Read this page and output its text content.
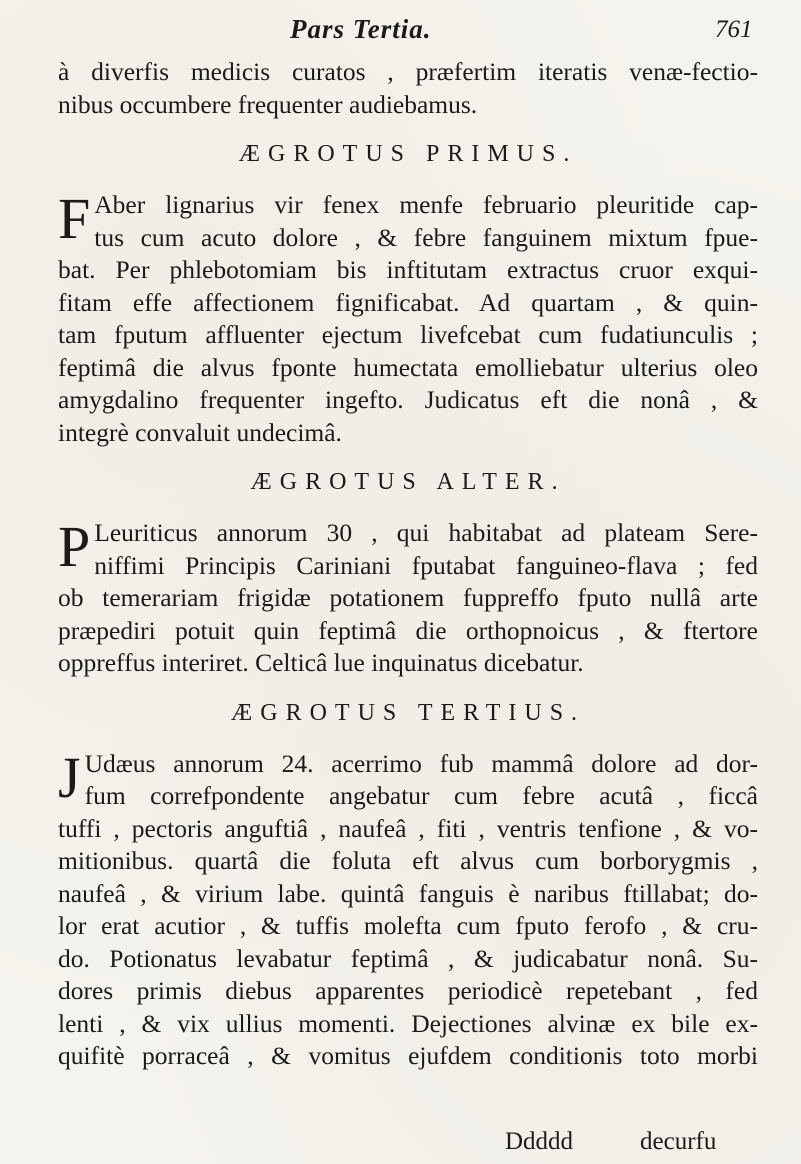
Pars Tertia.	761
à diverfis medicis curatos , præfertim iteratis venæ-fectio-
nibus occumbere frequenter audiebamus.
ÆGROTUS PRIMUS.
F Aber lignarius vir fenex menfe februario pleuritide cap-
tus cum acuto dolore , & febre fanguinem mixtum fpue-
bat. Per phlebotomiam bis inftitutam extractus cruor exqui-
fitam effe affectionem fignificabat. Ad quartam , & quin-
tam fputum affluenter ejectum livefcebat cum fudatiunculis ;
feptimâ die alvus fponte humectata emolliebatur ulterius oleo
amygdalino frequenter ingefto. Judicatus eft die nonâ , &
integrè convaluit undecimâ.
ÆGROTUS ALTER.
P Leuriticus annorum 30 , qui habitabat ad plateam Sere-
niffimi Principis Cariniani fputabat fanguineo-flava ; fed
ob temerariam frigidæ potationem fuppreffo fputo nullâ arte
præpediri potuit quin feptimâ die orthopnoicus , & ftertore
oppreffus interiret. Celticâ lue inquinatus dicebatur.
ÆGROTUS TERTIUS.
J Udæus annorum 24. acerrimo fub mammâ dolore ad dor-
fum correfpondente angebatur cum febre acutâ , ficcâ
tuffi , pectoris anguftiâ , naufeâ , fiti , ventris tenfione , & vo-
mitionibus. quartâ die foluta eft alvus cum borborygmis ,
naufeâ , & virium labe. quintâ fanguis è naribus ftillabat; do-
lor erat acutior , & tuffis molefta cum fputo ferofo , & cru-
do. Potionatus levabatur feptimâ , & judicabatur nonâ. Su-
dores primis diebus apparentes periodicè repetebant , fed
lenti , & vix ullius momenti. Dejectiones alvinæ ex bile ex-
quifitè porraceâ , & vomitus ejufdem conditionis toto morbi
Ddddd	decurfu
